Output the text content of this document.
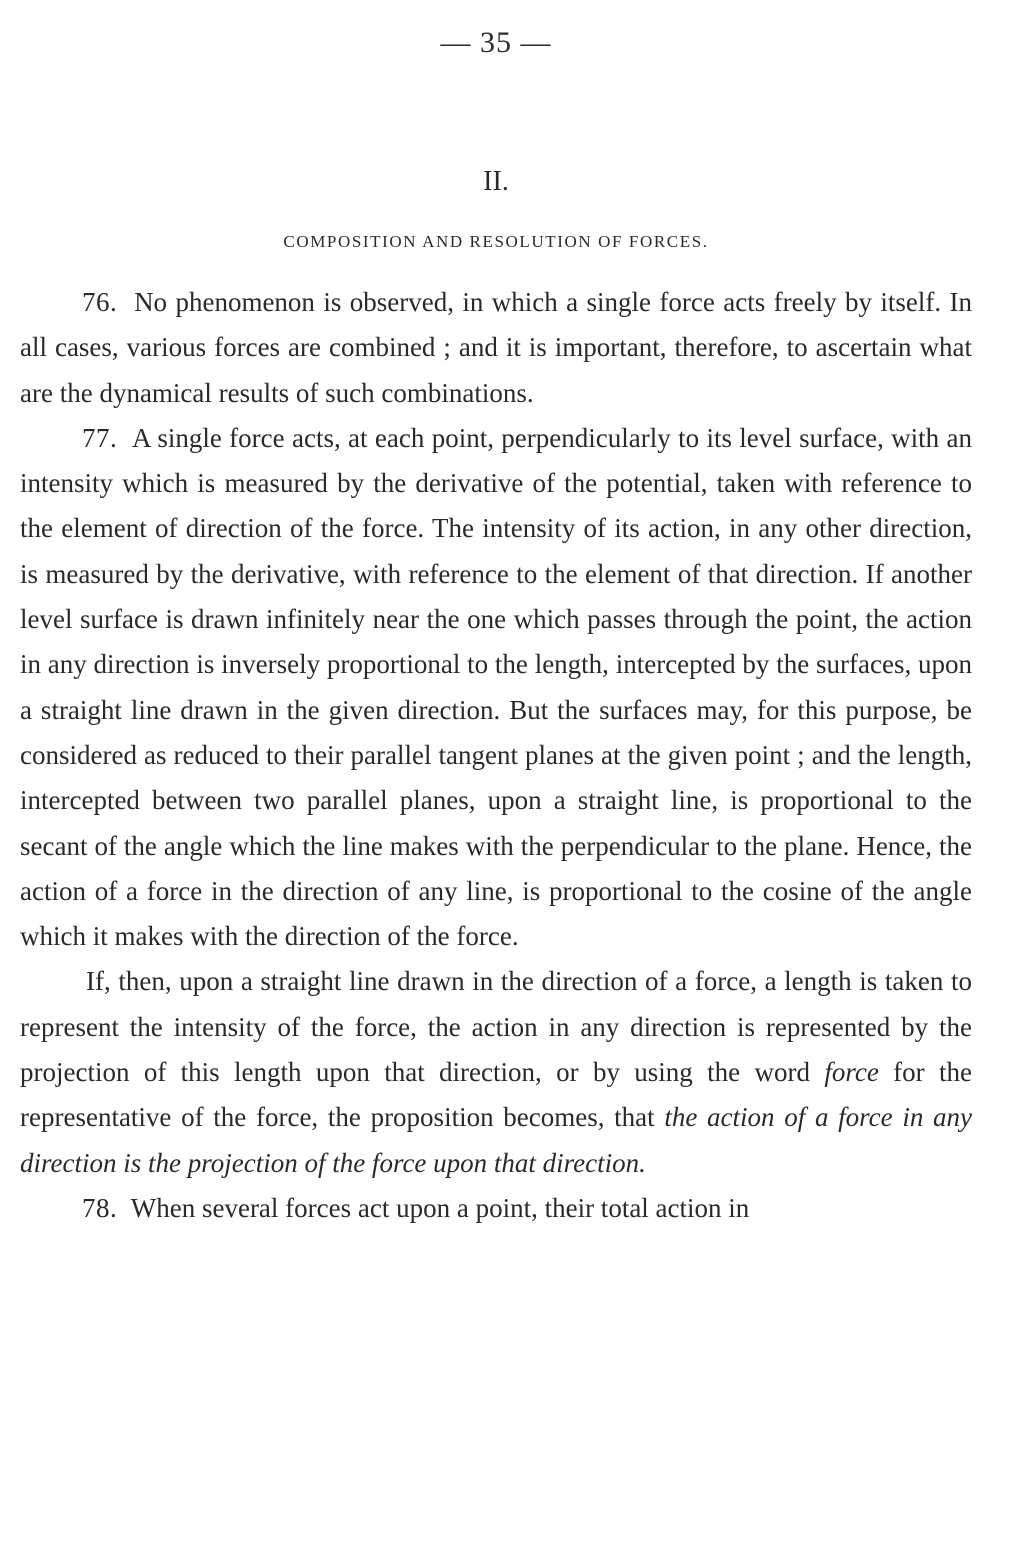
— 35 —
II.
COMPOSITION AND RESOLUTION OF FORCES.

76. No phenomenon is observed, in which a single force acts freely by itself. In all cases, various forces are combined ; and it is important, therefore, to ascertain what are the dynamical results of such combinations.

77. A single force acts, at each point, perpendicularly to its level surface, with an intensity which is measured by the derivative of the potential, taken with reference to the element of direction of the force. The intensity of its action, in any other direction, is measured by the derivative, with reference to the element of that direction. If another level surface is drawn infinitely near the one which passes through the point, the action in any direction is inversely proportional to the length, intercepted by the surfaces, upon a straight line drawn in the given direction. But the surfaces may, for this purpose, be considered as reduced to their parallel tangent planes at the given point ; and the length, intercepted between two parallel planes, upon a straight line, is proportional to the secant of the angle which the line makes with the perpendicular to the plane. Hence, the action of a force in the direction of any line, is proportional to the cosine of the angle which it makes with the direction of the force.

If, then, upon a straight line drawn in the direction of a force, a length is taken to represent the intensity of the force, the action in any direction is represented by the projection of this length upon that direction, or by using the word force for the representative of the force, the proposition becomes, that the action of a force in any direction is the projection of the force upon that direction.

78. When several forces act upon a point, their total action in
